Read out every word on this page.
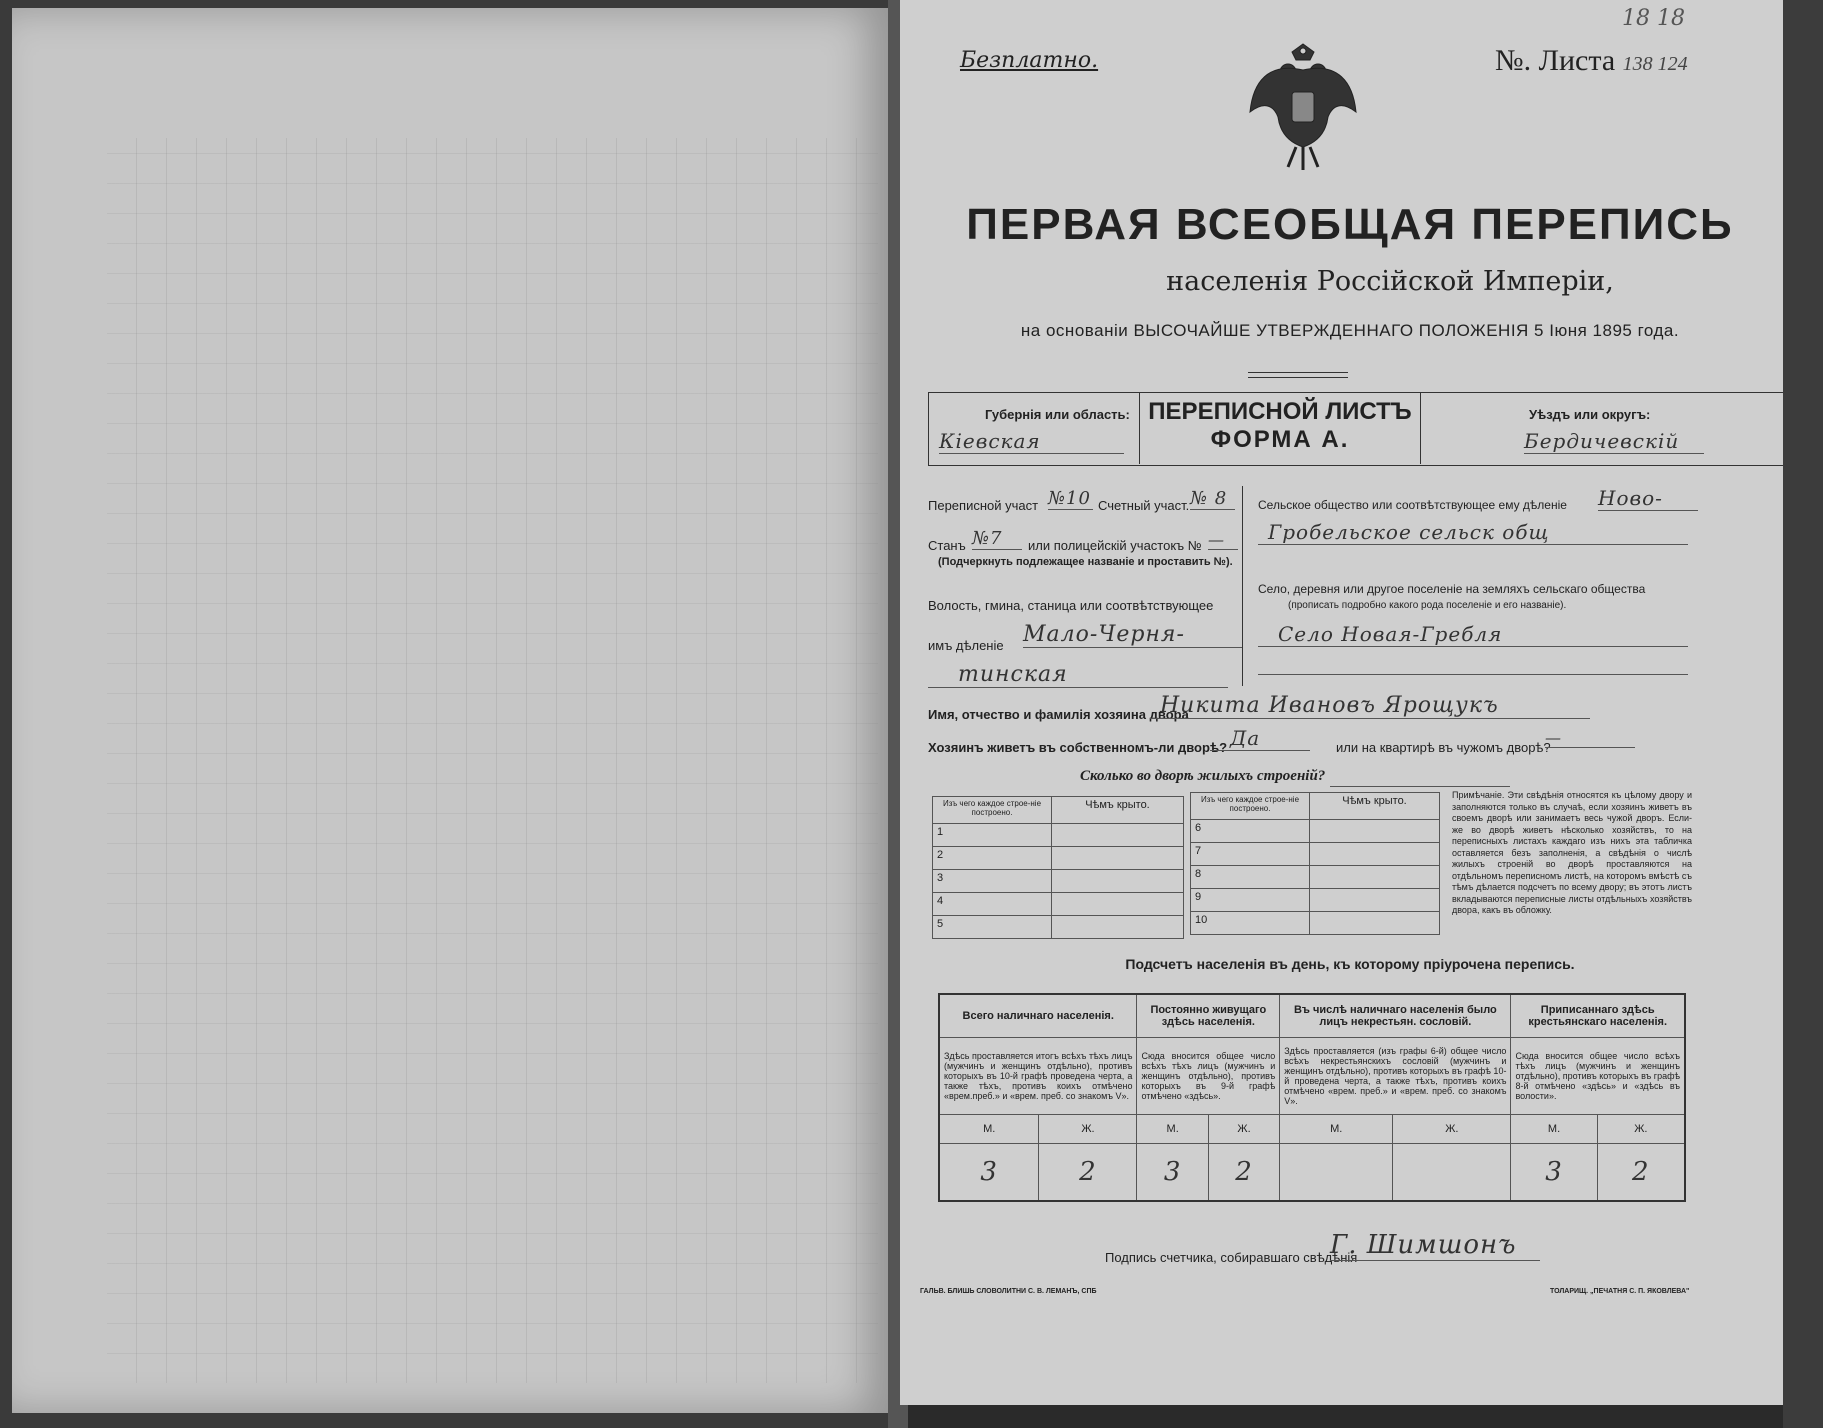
Безплатно.	№. Листа 138 124
18 18
ПЕРВАЯ ВСЕОБЩАЯ ПЕРЕПИСЬ
населенія Россійской Имперіи,
на основаніи ВЫСОЧАЙШЕ УТВЕРЖДЕННАГО ПОЛОЖЕНІЯ 5 Іюня 1895 года.
Губернія или область:
Кіевская
ПЕРЕПИСНОЙ ЛИСТЪ
ФОРМА А.
Уѣздъ или округъ:
Бердичевскій
Переписной участ №10 Счетный участ. № 8
Станъ №7	или полицейскій участокъ № —
(Подчеркнуть подлежащее названіе и проставить №).
Волость, гмина, станица или соотвѣтствующее
имъ дѣленіе Мало-Черня-
тинская
Сельское общество или соотвѣтствующее ему дѣленіе Ново-
Гробельское сельск общ
Село, деревня или другое поселеніе на земляхъ сельскаго общества
(прописать подробно какого рода поселеніе и его названіе).
Село Новая-Гребля
Имя, отчество и фамилія хозяина двора
Никита Ивановъ Ярощукъ
Хозяинъ живетъ въ собственномъ-ли дворѣ? Да	или на квартирѣ въ чужомъ дворѣ?
—
Сколько во дворѣ жилыхъ строеній?
Изъ чего каждое строе-ніе построено.	Чѣмъ крыто.
1	
2	
3	
4	
5	
Изъ чего каждое строе-ніе построено.	Чѣмъ крыто.
6	
7	
8	
9	
10	
Примѣчаніе. Эти свѣдѣнія относятся къ цѣлому двору и заполняются только въ случаѣ, если хозяинъ живетъ въ своемъ дворѣ или занимаетъ весь чужой дворъ. Если-же во дворѣ живетъ нѣсколько хозяйствъ, то на переписныхъ листахъ каждаго изъ нихъ эта табличка оставляется безъ заполненія, а свѣдѣнія о числѣ жилыхъ строеній во дворѣ проставляются на отдѣльномъ переписномъ листѣ, на которомъ вмѣстѣ съ тѣмъ дѣлается подсчетъ по всему двору; въ этотъ листъ вкладываются переписные листы отдѣльныхъ хозяйствъ двора, какъ въ обложку.
Подсчетъ населенія въ день, къ которому пріурочена перепись.
Всего наличнаго населенія.		Постоянно живущаго здѣсь населенія.		Въ числѣ наличнаго населенія было лицъ некрестьян. сословій.		Приписаннаго здѣсь крестьянскаго населенія.	
Здѣсь проставляется итогъ всѣхъ тѣхъ лицъ (мужчинъ и женщинъ отдѣльно), противъ которыхъ въ 10-й графѣ проведена черта, а также тѣхъ, противъ коихъ отмѣчено «врем.преб.» и «врем. преб. со знакомъ V».		Сюда вносится общее число всѣхъ тѣхъ лицъ (мужчинъ и женщинъ отдѣльно), противъ которыхъ въ 9-й графѣ отмѣчено «здѣсь».		Здѣсь проставляется (изъ графы 6-й) общее число всѣхъ некрестьянскихъ сословій (мужчинъ и женщинъ отдѣльно), противъ которыхъ въ графѣ 10-й проведена черта, а также тѣхъ, противъ коихъ отмѣчено «врем. преб.» и «врем. преб. со знакомъ V».		Сюда вносится общее число всѣхъ тѣхъ лицъ (мужчинъ и женщинъ отдѣльно), противъ которыхъ въ графѣ 8-й отмѣчено «здѣсь» и «здѣсь въ волости».	
М.	Ж.	М.	Ж.	М.	Ж.	М.	Ж.
3	2	3	2			3	2
Подпись счетчика, собиравшаго свѣдѣнія
Г. Шимшонъ
ГАЛЬВ. БЛИШЬ СЛОВОЛИТНИ С. В. ЛЕМАНЪ, СПБ	ТОЛАРИЩ. „ПЕЧАТНЯ С. П. ЯКОВЛЕВА"
